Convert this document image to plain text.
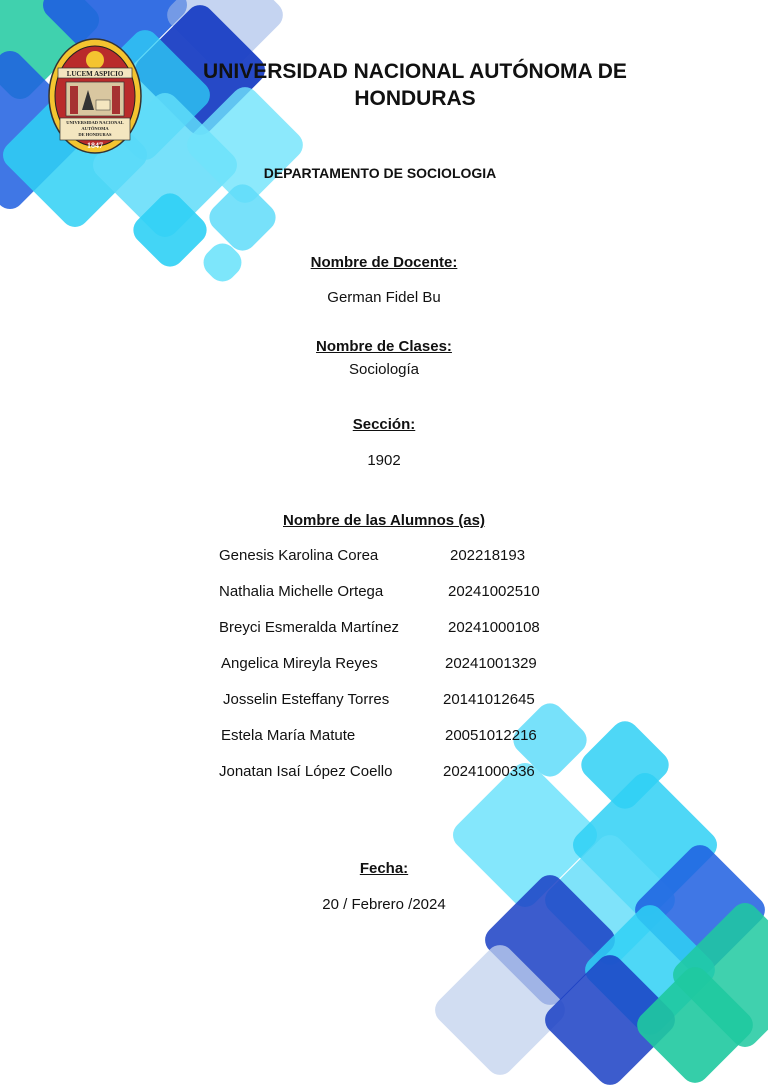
LUCEM ASPICIO
UNIVERSIDAD NACIONAL
AUTÓNOMA
DE HONDURAS
1847
UNIVERSIDAD NACIONAL AUTÓNOMA DE HONDURAS
DEPARTAMENTO DE SOCIOLOGIA
Nombre de Docente:
German Fidel Bu
Nombre de Clases:
Sociología
Sección:
1902
Nombre de las Alumnos (as)
Genesis Karolina Corea	202218193
Nathalia Michelle Ortega	20241002510
Breyci Esmeralda Martínez	20241000108
Angelica Mireyla Reyes	20241001329
Josselin Esteffany Torres	20141012645
Estela María Matute	20051012216
Jonatan Isaí López Coello	20241000336
Fecha:
20 / Febrero /2024
